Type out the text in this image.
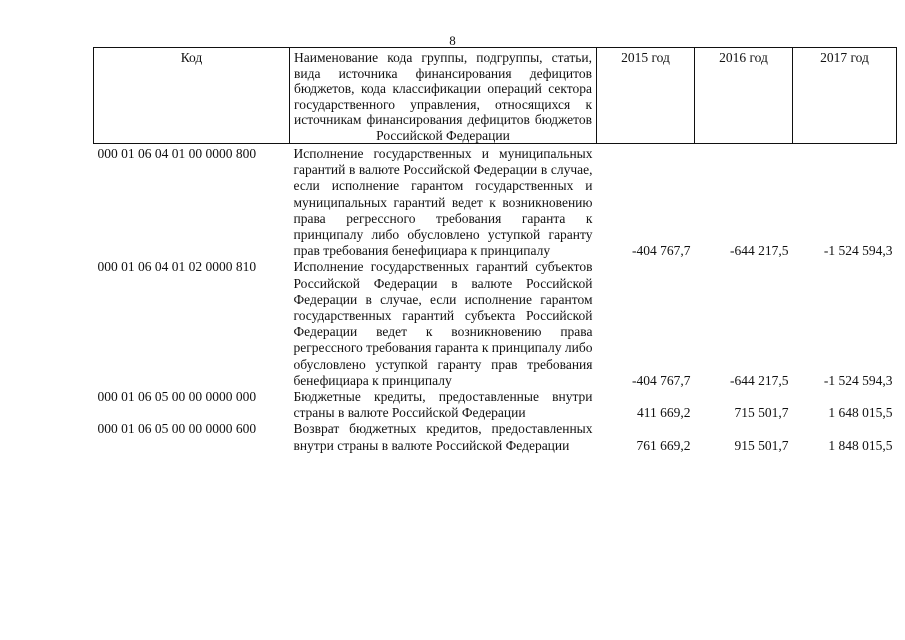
8
Код	Наименование кода группы, подгруппы, статьи, вида источника финансирования дефицитов бюджетов, кода классификации операций сектора государственного управления, относящихся к источникам финансирования дефицитов бюджетов Российской Федерации	2015 год	2016 год	2017 год
000 01 06 04 01 00 0000 800	Исполнение государственных и муниципальных гарантий в валюте Российской Федерации в случае, если исполнение гарантом государственных и муниципальных гарантий ведет к возникновению права регрессного требования гаранта к принципалу либо обусловлено уступкой гаранту прав требования бенефициара к принципалу	-404 767,7	-644 217,5	-1 524 594,3
000 01 06 04 01 02 0000 810	Исполнение государственных гарантий субъектов Российской Федерации в валюте Российской Федерации в случае, если исполнение гарантом государственных гарантий субъекта Российской Федерации ведет к возникновению права регрессного требования гаранта к принципалу либо обусловлено уступкой гаранту прав требования бенефициара к принципалу	-404 767,7	-644 217,5	-1 524 594,3
000 01 06 05 00 00 0000 000	Бюджетные кредиты, предоставленные внутри страны в валюте Российской Федерации	411 669,2	715 501,7	1 648 015,5
000 01 06 05 00 00 0000 600	Возврат бюджетных кредитов, предоставленных внутри страны в валюте Российской Федерации	761 669,2	915 501,7	1 848 015,5
